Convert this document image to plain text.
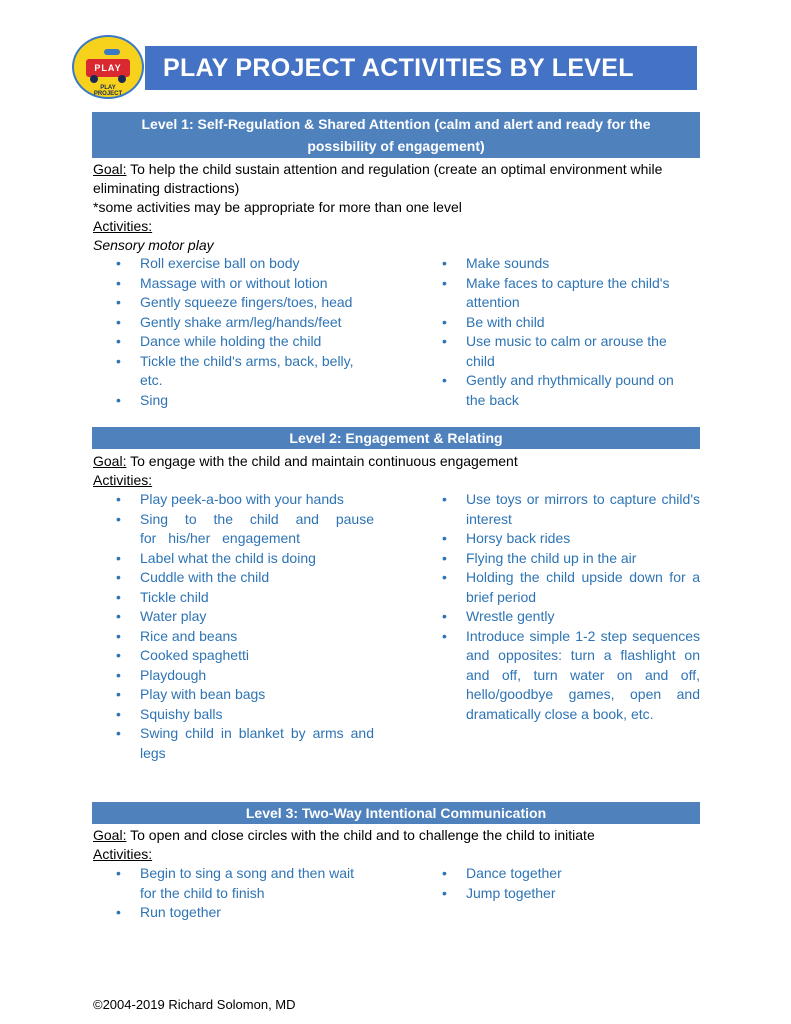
PLAY
PLAY PROJECT
PLAY PROJECT ACTIVITIES BY LEVEL
Level 1: Self-Regulation & Shared Attention (calm and alert and ready for the
possibility of engagement)
Goal: To help the child sustain attention and regulation (create an optimal environment while
eliminating distractions)
*some activities may be appropriate for more than one level
Activities:
Sensory motor play
• Roll exercise ball on body
• Massage with or without lotion
• Gently squeeze fingers/toes, head
• Gently shake arm/leg/hands/feet
• Dance while holding the child
• Tickle the child's arms, back, belly, etc.
• Sing
• Make sounds
• Make faces to capture the child's attention
• Be with child
• Use music to calm or arouse the child
• Gently and rhythmically pound on the back
Level 2: Engagement & Relating
Goal: To engage with the child and maintain continuous engagement
Activities:
• Play peek-a-boo with your hands
• Sing to the child and pause for his/her engagement
• Label what the child is doing
• Cuddle with the child
• Tickle child
• Water play
• Rice and beans
• Cooked spaghetti
• Playdough
• Play with bean bags
• Squishy balls
• Swing child in blanket by arms and legs
• Use toys or mirrors to capture child's interest
• Horsy back rides
• Flying the child up in the air
• Holding the child upside down for a brief period
• Wrestle gently
• Introduce simple 1-2 step sequences and opposites: turn a flashlight on and off, turn water on and off, hello/goodbye games, open and dramatically close a book, etc.
Level 3: Two-Way Intentional Communication
Goal: To open and close circles with the child and to challenge the child to initiate
Activities:
• Begin to sing a song and then wait for the child to finish
• Run together
• Dance together
• Jump together
©2004-2019 Richard Solomon, MD
